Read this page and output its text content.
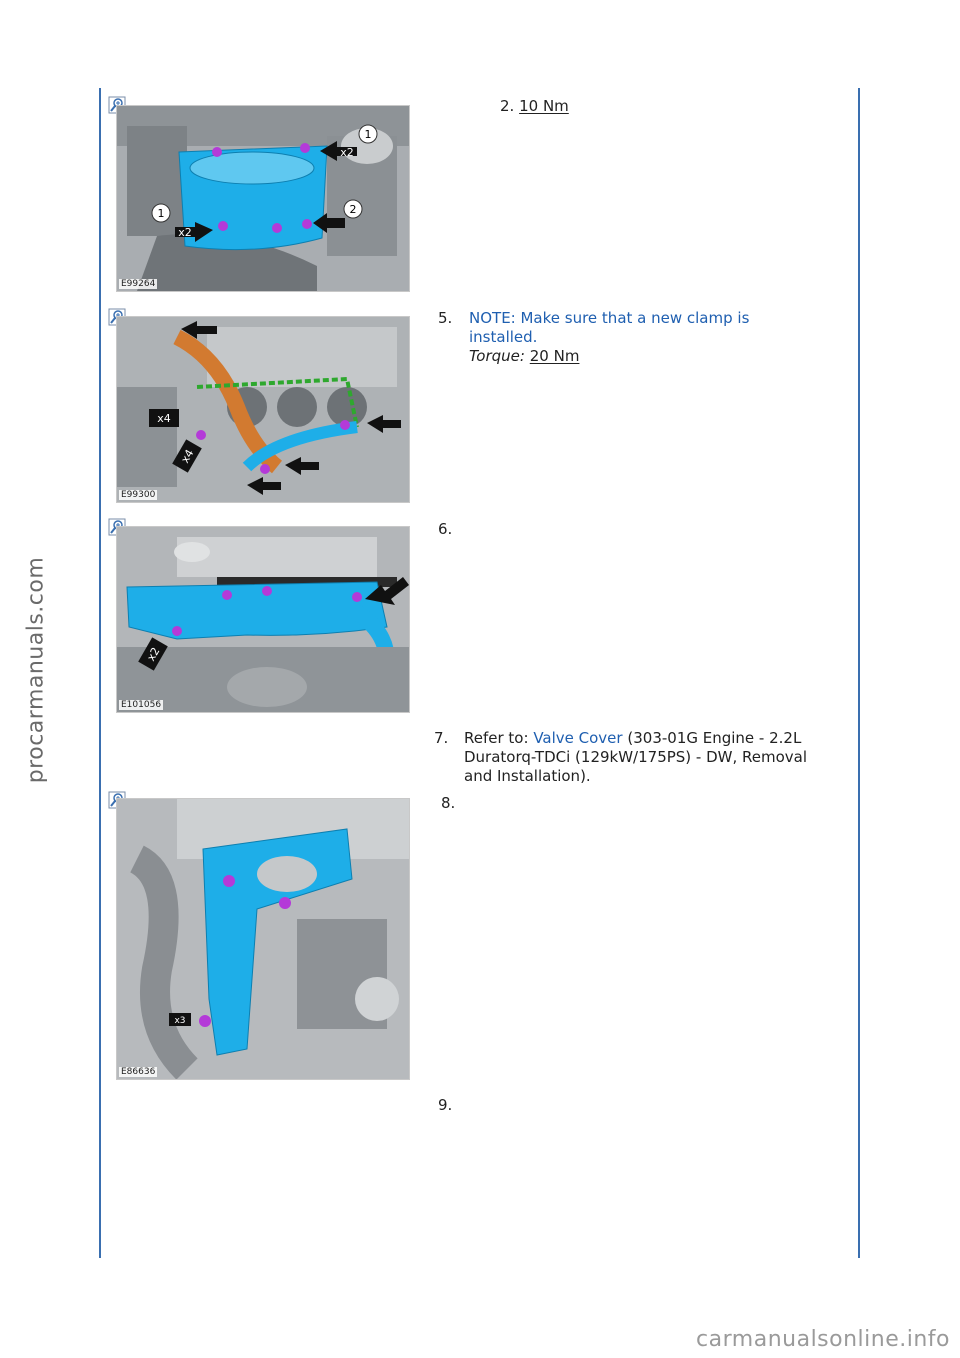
procarmanuals.com
carmanualsonline.info
1
x2
2
1
x2
E99264
2. 10 Nm
x4
x4
E99300
5. NOTE: Make sure that a new clamp is
installed.
Torque: 20 Nm
x2
E101056
6.
7. Refer to: Valve Cover (303-01G Engine - 2.2L
Duratorq-TDCi (129kW/175PS) - DW, Removal
and Installation).
x3
E86636
8.
9.
